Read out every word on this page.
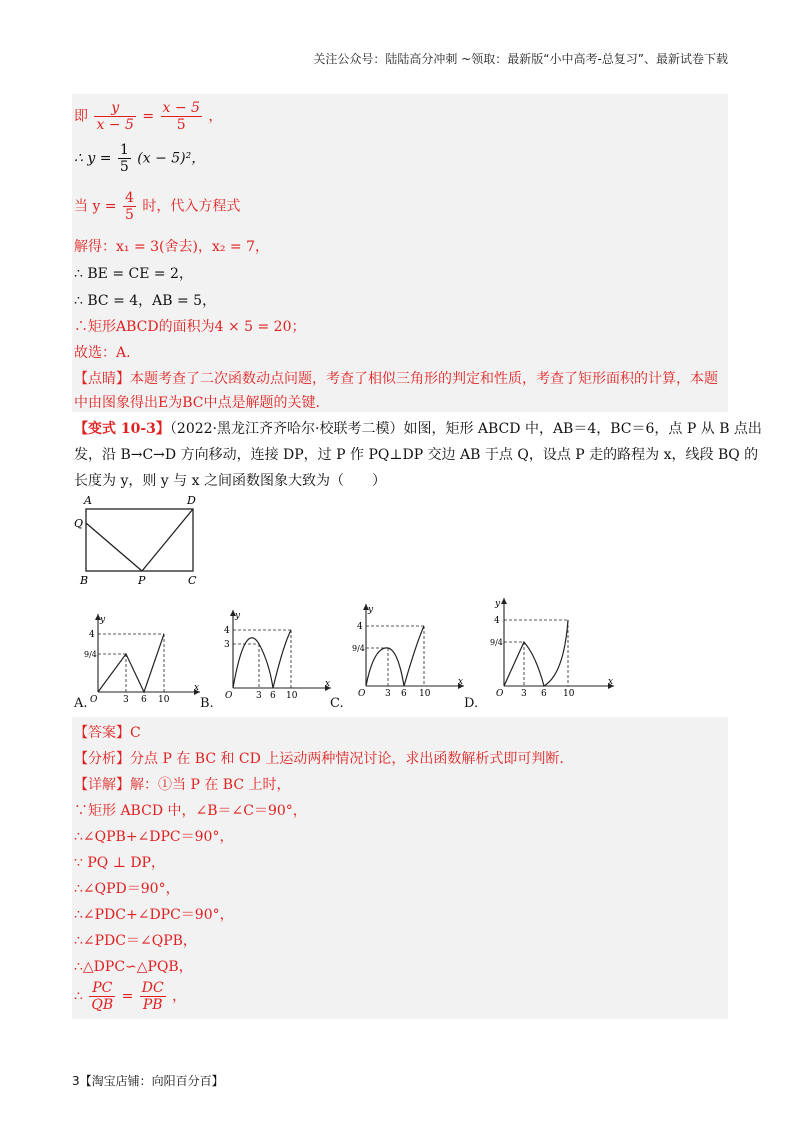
关注公众号：陆陆高分冲刺 ~领取：最新版“小中高考-总复习”、最新试卷下载
即 $\frac{y}{x - 5} = \frac{x - 5}{5}$ ，
∴ $y = \frac{1}{5} (x - 5)^2$，
当 $y = \frac{4}{5}$ 时，代入方程式
解得：x₁ = 3(舍去)，x₂ = 7，
∴ BE = CE = 2，
∴ BC = 4，AB = 5，
∴矩形ABCD的面积为4 × 5 = 20；
故选：A.
【点睛】本题考查了二次函数动点问题，考查了相似三角形的判定和性质，考查了矩形面积的计算，本题
中由图象得出E为BC中点是解题的关键.
【变式 10-3】（2022·黑龙江齐齐哈尔·校联考二模）如图，矩形 ABCD 中，AB＝4，BC＝6，点 P 从 B 点出
发，沿 B→C→D 方向移动，连接 DP，过 P 作 PQ⊥DP 交边 AB 于点 Q，设点 P 走的路程为 x，线段 BQ 的
长度为 y，则 y 与 x 之间函数图象大致为（　　）
A	D
Q
B	P	C
y
x
O
4
9/4
3 6 10
A.
y
x
O
4
3
3 6 10
B.
y
x
O
4
9/4
3 6 10
C.
y
x
O
4
9/4
3 6 10
D.
【答案】C
【分析】分点 P 在 BC 和 CD 上运动两种情况讨论，求出函数解析式即可判断.
【详解】解：①当 P 在 BC 上时，
∵矩形 ABCD 中，∠B＝∠C＝90°，
∴∠QPB+∠DPC＝90°，
∵ PQ ⊥ DP，
∴∠QPD＝90°，
∴∠PDC+∠DPC＝90°，
∴∠PDC＝∠QPB，
∴△DPC∽△PQB，
∴ $\frac{PC}{QB} = \frac{DC}{PB}$ ，
3【淘宝店铺：向阳百分百】
